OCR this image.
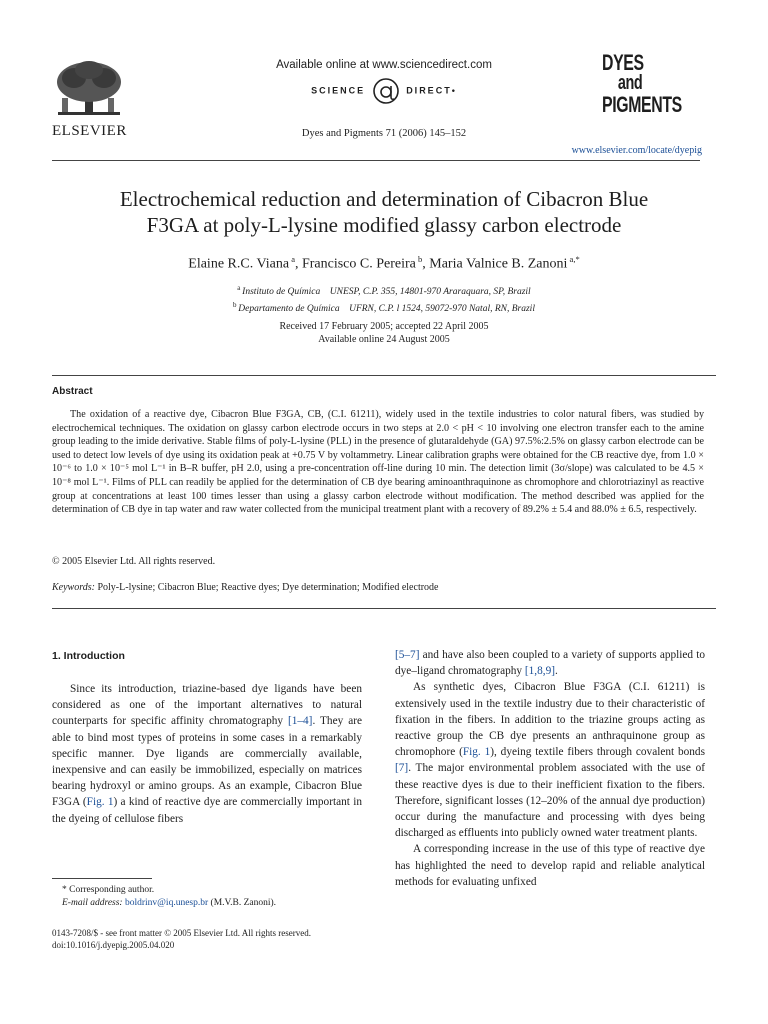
ELSEVIER
Available online at www.sciencedirect.com
SCIENCE	DIRECT•
Dyes and Pigments 71 (2006) 145–152
DYES
and
PIGMENTS
www.elsevier.com/locate/dyepig
Electrochemical reduction and determination of Cibacron Blue
F3GA at poly-L-lysine modified glassy carbon electrode
Elaine R.C. Viana $^a$, Francisco C. Pereira $^b$, Maria Valnice B. Zanoni $^{a,*}$
$^a$ Instituto de Química    UNESP, C.P. 355, 14801-970 Araraquara, SP, Brazil
$^b$ Departamento de Química    UFRN, C.P. l 1524, 59072-970 Natal, RN, Brazil
Received 17 February 2005; accepted 22 April 2005
Available online 24 August 2005
Abstract

The oxidation of a reactive dye, Cibacron Blue F3GA, CB, (C.I. 61211), widely used in the textile industries to color natural fibers, was studied by electrochemical techniques. The oxidation on glassy carbon electrode occurs in two steps at 2.0 < pH < 10 involving one electron transfer each to the amine group leading to the imide derivative. Stable films of poly-L-lysine (PLL) in the presence of glutaraldehyde (GA) 97.5%:2.5% on glassy carbon electrode can be used to detect low levels of dye using its oxidation peak at +0.75 V by voltammetry. Linear calibration graphs were obtained for the CB reactive dye, from 1.0 × 10⁻⁶ to 1.0 × 10⁻⁵ mol L⁻¹ in B–R buffer, pH 2.0, using a pre-concentration off-line during 10 min. The detection limit (3σ/slope) was calculated to be 4.5 × 10⁻⁸ mol L⁻¹. Films of PLL can readily be applied for the determination of CB dye bearing aminoanthraquinone as chromophore and chlorotriazinyl as reactive group at concentrations at least 100 times lesser than using a glassy carbon electrode without modification. The method described was applied for the determination of CB dye in tap water and raw water collected from the municipal treatment plant with a recovery of 89.2% ± 5.4 and 88.0% ± 6.5, respectively.

© 2005 Elsevier Ltd. All rights reserved.
Keywords: Poly-L-lysine; Cibacron Blue; Reactive dyes; Dye determination; Modified electrode
1. Introduction

Since its introduction, triazine-based dye ligands have been considered as one of the important alternatives to natural counterparts for specific affinity chromatography [1–4]. They are able to bind most types of proteins in some cases in a remarkably specific manner. Dye ligands are commercially available, inexpensive and can easily be immobilized, especially on matrices bearing hydroxyl or amino groups. As an example, Cibacron Blue F3GA (Fig. 1) a kind of reactive dye are commercially important in the dyeing of cellulose fibers

[5–7] and have also been coupled to a variety of supports applied to dye–ligand chromatography [1,8,9].

As synthetic dyes, Cibacron Blue F3GA (C.I. 61211) is extensively used in the textile industry due to their characteristic of fixation in the fibers. In addition to the triazine groups acting as reactive group the CB dye presents an anthraquinone group as chromophore (Fig. 1), dyeing textile fibers through covalent bonds [7]. The major environmental problem associated with the use of these reactive dyes is due to their inefficient fixation to the fibers. Therefore, significant losses (12–20% of the annual dye production) occur during the manufacture and processing with dyes being discharged as effluents into publicly owned water treatment plants.

A corresponding increase in the use of this type of reactive dye has highlighted the need to develop rapid and reliable analytical methods for evaluating unfixed

* Corresponding author.
E-mail address: boldrinv@iq.unesp.br (M.V.B. Zanoni).
0143-7208/$ - see front matter © 2005 Elsevier Ltd. All rights reserved.
doi:10.1016/j.dyepig.2005.04.020
